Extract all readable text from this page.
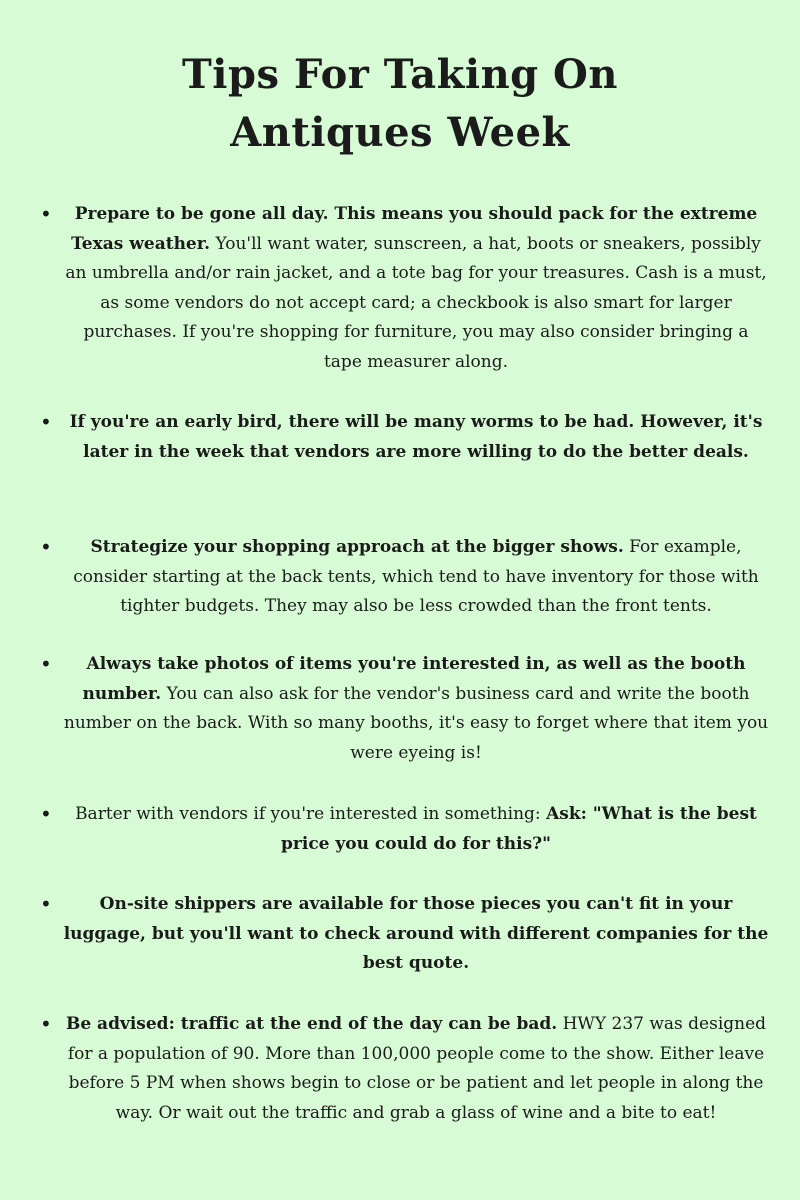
Tips For Taking On
Antiques Week
•	Prepare to be gone all day. This means you should pack for the extreme Texas weather. You'll want water, sunscreen, a hat, boots or sneakers, possibly an umbrella and/or rain jacket, and a tote bag for your treasures. Cash is a must, as some vendors do not accept card; a checkbook is also smart for larger purchases. If you're shopping for furniture, you may also consider bringing a tape measurer along.
•	If you're an early bird, there will be many worms to be had. However, it's later in the week that vendors are more willing to do the better deals.
•	Strategize your shopping approach at the bigger shows. For example, consider starting at the back tents, which tend to have inventory for those with tighter budgets. They may also be less crowded than the front tents.
•	Always take photos of items you're interested in, as well as the booth number. You can also ask for the vendor's business card and write the booth number on the back. With so many booths, it's easy to forget where that item you were eyeing is!
•	Barter with vendors if you're interested in something: Ask: "What is the best price you could do for this?"
•	On-site shippers are available for those pieces you can't fit in your luggage, but you'll want to check around with different companies for the best quote.
• Be advised: traffic at the end of the day can be bad. HWY 237 was designed for a population of 90. More than 100,000 people come to the show. Either leave before 5 PM when shows begin to close or be patient and let people in along the way. Or wait out the traffic and grab a glass of wine and a bite to eat!
